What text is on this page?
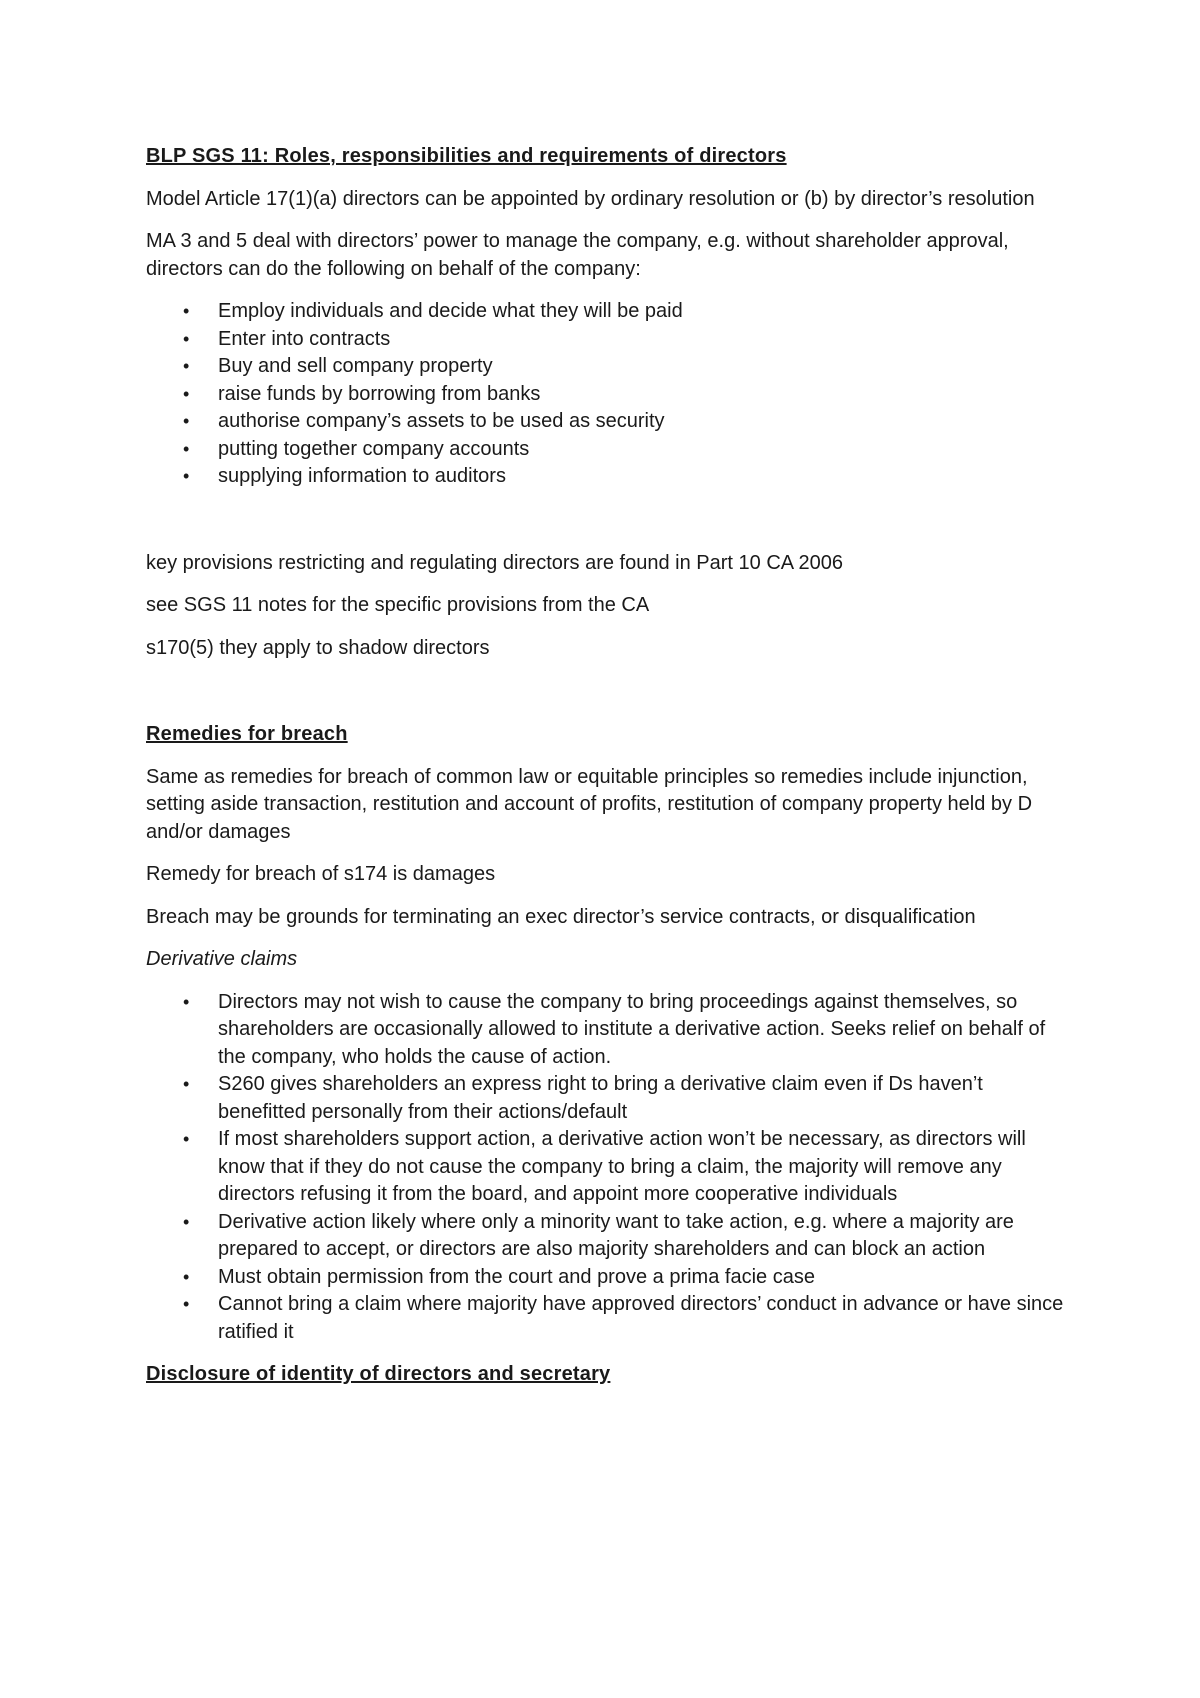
BLP SGS 11: Roles, responsibilities and requirements of directors

Model Article 17(1)(a) directors can be appointed by ordinary resolution or (b) by director’s resolution

MA 3 and 5 deal with directors’ power to manage the company, e.g. without shareholder approval, directors can do the following on behalf of the company:

• Employ individuals and decide what they will be paid
• Enter into contracts
• Buy and sell company property
• raise funds by borrowing from banks
• authorise company’s assets to be used as security
• putting together company accounts
• supplying information to auditors

key provisions restricting and regulating directors are found in Part 10 CA 2006

see SGS 11 notes for the specific provisions from the CA

s170(5) they apply to shadow directors

Remedies for breach

Same as remedies for breach of common law or equitable principles so remedies include injunction, setting aside transaction, restitution and account of profits, restitution of company property held by D and/or damages

Remedy for breach of s174 is damages

Breach may be grounds for terminating an exec director’s service contracts, or disqualification

Derivative claims

• Directors may not wish to cause the company to bring proceedings against themselves, so shareholders are occasionally allowed to institute a derivative action. Seeks relief on behalf of the company, who holds the cause of action.
• S260 gives shareholders an express right to bring a derivative claim even if Ds haven’t benefitted personally from their actions/default
• If most shareholders support action, a derivative action won’t be necessary, as directors will know that if they do not cause the company to bring a claim, the majority will remove any directors refusing it from the board, and appoint more cooperative individuals
• Derivative action likely where only a minority want to take action, e.g. where a majority are prepared to accept, or directors are also majority shareholders and can block an action
• Must obtain permission from the court and prove a prima facie case
• Cannot bring a claim where majority have approved directors’ conduct in advance or have since ratified it
Disclosure of identity of directors and secretary
